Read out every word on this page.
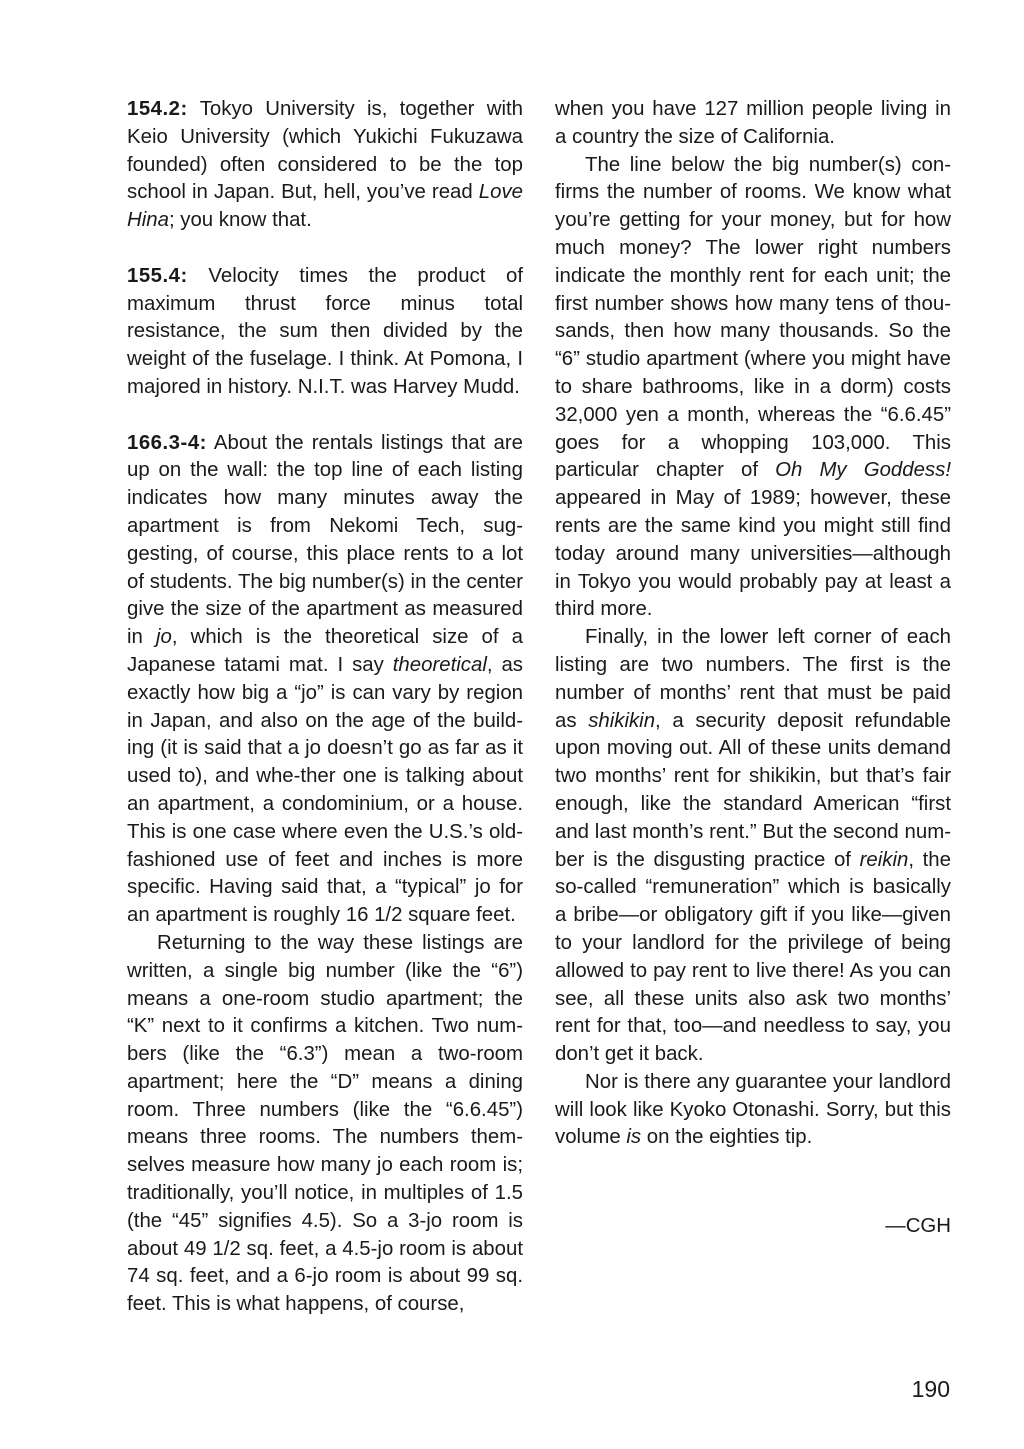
154.2: Tokyo University is, together with Keio University (which Yukichi Fukuzawa founded) often considered to be the top school in Japan. But, hell, you’ve read Love Hina; you know that.

155.4: Velocity times the product of maximum thrust force minus total resistance, the sum then divided by the weight of the fuselage. I think. At Pomona, I majored in history. N.I.T. was Harvey Mudd.

166.3-4: About the rentals listings that are up on the wall: the top line of each listing indicates how many minutes away the apartment is from Nekomi Tech, suggesting, of course, this place rents to a lot of students. The big number(s) in the center give the size of the apartment as measured in jo, which is the theoretical size of a Japanese tatami mat. I say theoretical, as exactly how big a “jo” is can vary by region in Japan, and also on the age of the building (it is said that a jo doesn’t go as far as it used to), and whe-ther one is talking about an apartment, a condominium, or a house. This is one case where even the U.S.’s old-fashioned use of feet and inches is more specific. Having said that, a “typical” jo for an apartment is roughly 16 1/2 square feet.

Returning to the way these listings are written, a single big number (like the “6”) means a one-room studio apartment; the “K” next to it confirms a kitchen. Two numbers (like the “6.3”) mean a two-room apartment; here the “D” means a dining room. Three numbers (like the “6.6.45”) means three rooms. The numbers themselves measure how many jo each room is; traditionally, you’ll notice, in multiples of 1.5 (the “45” signifies 4.5). So a 3-jo room is about 49 1/2 sq. feet, a 4.5-jo room is about 74 sq. feet, and a 6-jo room is about 99 sq. feet. This is what happens, of course,

when you have 127 million people living in a country the size of California.

The line below the big number(s) confirms the number of rooms. We know what you’re getting for your money, but for how much money? The lower right numbers indicate the monthly rent for each unit; the first number shows how many tens of thousands, then how many thousands. So the “6” studio apartment (where you might have to share bathrooms, like in a dorm) costs 32,000 yen a month, whereas the “6.6.45” goes for a whopping 103,000. This particular chapter of Oh My Goddess! appeared in May of 1989; however, these rents are the same kind you might still find today around many universities—although in Tokyo you would probably pay at least a third more.

Finally, in the lower left corner of each listing are two numbers. The first is the number of months’ rent that must be paid as shikikin, a security deposit refundable upon moving out. All of these units demand two months’ rent for shikikin, but that’s fair enough, like the standard American “first and last month’s rent.” But the second number is the disgusting practice of reikin, the so-called “remuneration” which is basically a bribe—or obligatory gift if you like—given to your landlord for the privilege of being allowed to pay rent to live there! As you can see, all these units also ask two months’ rent for that, too—and needless to say, you don’t get it back.

Nor is there any guarantee your landlord will look like Kyoko Otonashi. Sorry, but this volume is on the eighties tip.

—CGH
190
